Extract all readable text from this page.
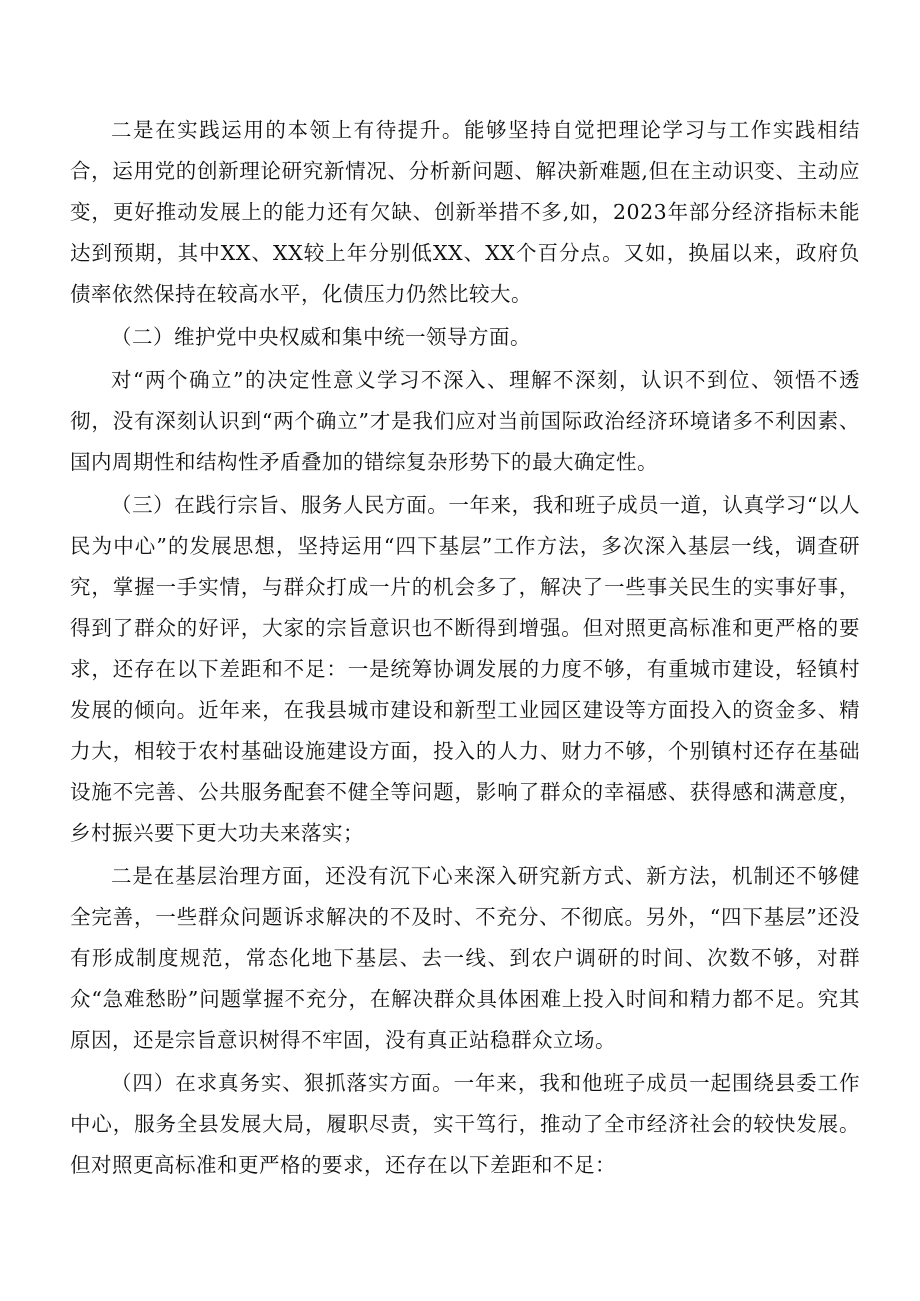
二是在实践运用的本领上有待提升。能够坚持自觉把理论学习与工作实践相结合，运用党的创新理论研究新情况、分析新问题、解决新难题,但在主动识变、主动应变，更好推动发展上的能力还有欠缺、创新举措不多,如，2023年部分经济指标未能达到预期，其中XX、XX较上年分别低XX、XX个百分点。又如，换届以来，政府负债率依然保持在较高水平，化债压力仍然比较大。

（二）维护党中央权威和集中统一领导方面。

对“两个确立”的决定性意义学习不深入、理解不深刻，认识不到位、领悟不透彻，没有深刻认识到“两个确立”才是我们应对当前国际政治经济环境诸多不利因素、国内周期性和结构性矛盾叠加的错综复杂形势下的最大确定性。

（三）在践行宗旨、服务人民方面。一年来，我和班子成员一道，认真学习“以人民为中心”的发展思想，坚持运用“四下基层”工作方法，多次深入基层一线，调查研究，掌握一手实情，与群众打成一片的机会多了，解决了一些事关民生的实事好事，得到了群众的好评，大家的宗旨意识也不断得到增强。但对照更高标准和更严格的要求，还存在以下差距和不足：一是统筹协调发展的力度不够，有重城市建设，轻镇村发展的倾向。近年来，在我县城市建设和新型工业园区建设等方面投入的资金多、精力大，相较于农村基础设施建设方面，投入的人力、财力不够，个别镇村还存在基础设施不完善、公共服务配套不健全等问题，影响了群众的幸福感、获得感和满意度，乡村振兴要下更大功夫来落实；

二是在基层治理方面，还没有沉下心来深入研究新方式、新方法，机制还不够健全完善，一些群众问题诉求解决的不及时、不充分、不彻底。另外，“四下基层”还没有形成制度规范，常态化地下基层、去一线、到农户调研的时间、次数不够，对群众“急难愁盼”问题掌握不充分，在解决群众具体困难上投入时间和精力都不足。究其原因，还是宗旨意识树得不牢固，没有真正站稳群众立场。

（四）在求真务实、狠抓落实方面。一年来，我和他班子成员一起围绕县委工作中心，服务全县发展大局，履职尽责，实干笃行，推动了全市经济社会的较快发展。但对照更高标准和更严格的要求，还存在以下差距和不足：
